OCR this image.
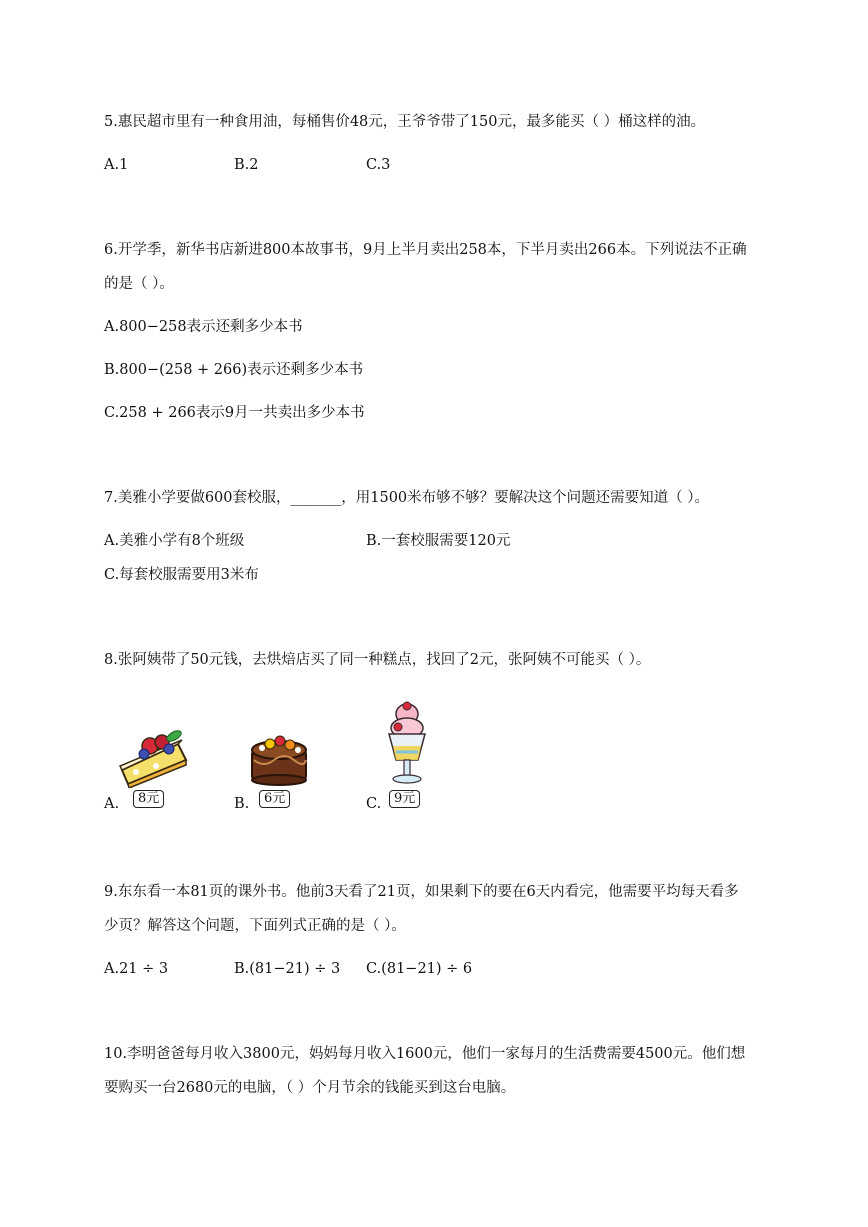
5.惠民超市里有一种食用油，每桶售价48元，王爷爷带了150元，最多能买（ ）桶这样的油。
A.1	B.2	C.3
6.开学季，新华书店新进800本故事书，9月上半月卖出258本，下半月卖出266本。下列说法不正确
的是（ ）。
A.800−258表示还剩多少本书
B.800−(258 + 266)表示还剩多少本书
C.258 + 266表示9月一共卖出多少本书
7.美雅小学要做600套校服，_______，用1500米布够不够？要解决这个问题还需要知道（ ）。
A.美雅小学有8个班级	B.一套校服需要120元
C.每套校服需要用3米布
8.张阿姨带了50元钱，去烘焙店买了同一种糕点，找回了2元，张阿姨不可能买（ ）。
A.	8元	B.	6元	C. 9元
9.东东看一本81页的课外书。他前3天看了21页，如果剩下的要在6天内看完，他需要平均每天看多
少页？解答这个问题，下面列式正确的是（ ）。
A.21 ÷ 3	B.(81−21) ÷ 3 C.(81−21) ÷ 6
10.李明爸爸每月收入3800元，妈妈每月收入1600元，他们一家每月的生活费需要4500元。他们想
要购买一台2680元的电脑，（ ）个月节余的钱能买到这台电脑。
